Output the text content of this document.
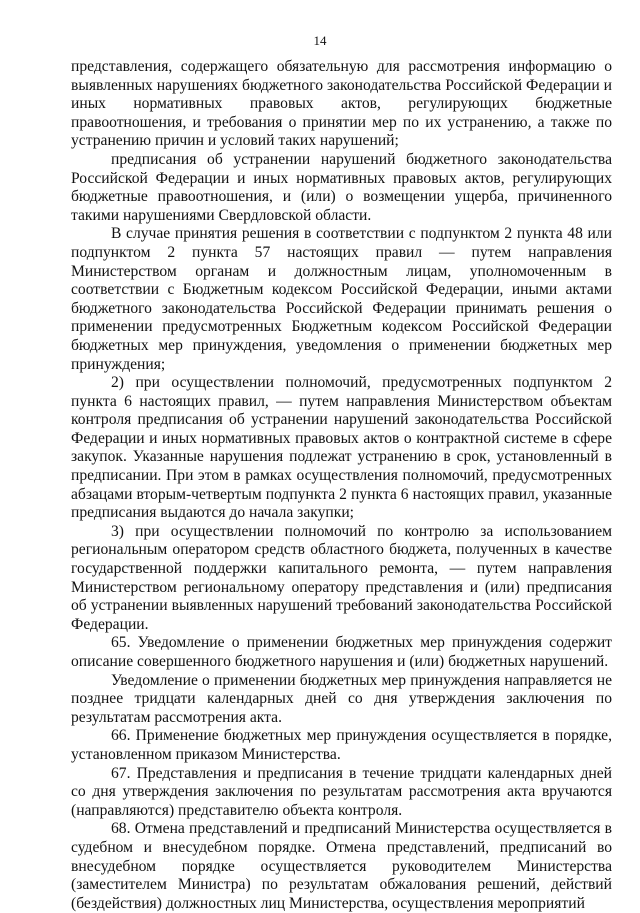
14

представления, содержащего обязательную для рассмотрения информацию о выявленных нарушениях бюджетного законодательства Российской Федерации и иных нормативных правовых актов, регулирующих бюджетные правоотношения, и требования о принятии мер по их устранению, а также по устранению причин и условий таких нарушений;

предписания об устранении нарушений бюджетного законодательства Российской Федерации и иных нормативных правовых актов, регулирующих бюджетные правоотношения, и (или) о возмещении ущерба, причиненного такими нарушениями Свердловской области.

В случае принятия решения в соответствии с подпунктом 2 пункта 48 или подпунктом 2 пункта 57 настоящих правил — путем направления Министерством органам и должностным лицам, уполномоченным в соответствии с Бюджетным кодексом Российской Федерации, иными актами бюджетного законодательства Российской Федерации принимать решения о применении предусмотренных Бюджетным кодексом Российской Федерации бюджетных мер принуждения, уведомления о применении бюджетных мер принуждения;

2) при осуществлении полномочий, предусмотренных подпунктом 2 пункта 6 настоящих правил, — путем направления Министерством объектам контроля предписания об устранении нарушений законодательства Российской Федерации и иных нормативных правовых актов о контрактной системе в сфере закупок. Указанные нарушения подлежат устранению в срок, установленный в предписании. При этом в рамках осуществления полномочий, предусмотренных абзацами вторым-четвертым подпункта 2 пункта 6 настоящих правил, указанные предписания выдаются до начала закупки;

3) при осуществлении полномочий по контролю за использованием региональным оператором средств областного бюджета, полученных в качестве государственной поддержки капитального ремонта, — путем направления Министерством региональному оператору представления и (или) предписания об устранении выявленных нарушений требований законодательства Российской Федерации.

65. Уведомление о применении бюджетных мер принуждения содержит описание совершенного бюджетного нарушения и (или) бюджетных нарушений.

Уведомление о применении бюджетных мер принуждения направляется не позднее тридцати календарных дней со дня утверждения заключения по результатам рассмотрения акта.

66. Применение бюджетных мер принуждения осуществляется в порядке, установленном приказом Министерства.

67. Представления и предписания в течение тридцати календарных дней со дня утверждения заключения по результатам рассмотрения акта вручаются (направляются) представителю объекта контроля.

68. Отмена представлений и предписаний Министерства осуществляется в судебном и внесудебном порядке. Отмена представлений, предписаний во внесудебном порядке осуществляется руководителем Министерства (заместителем Министра) по результатам обжалования решений, действий (бездействия) должностных лиц Министерства, осуществления мероприятий
